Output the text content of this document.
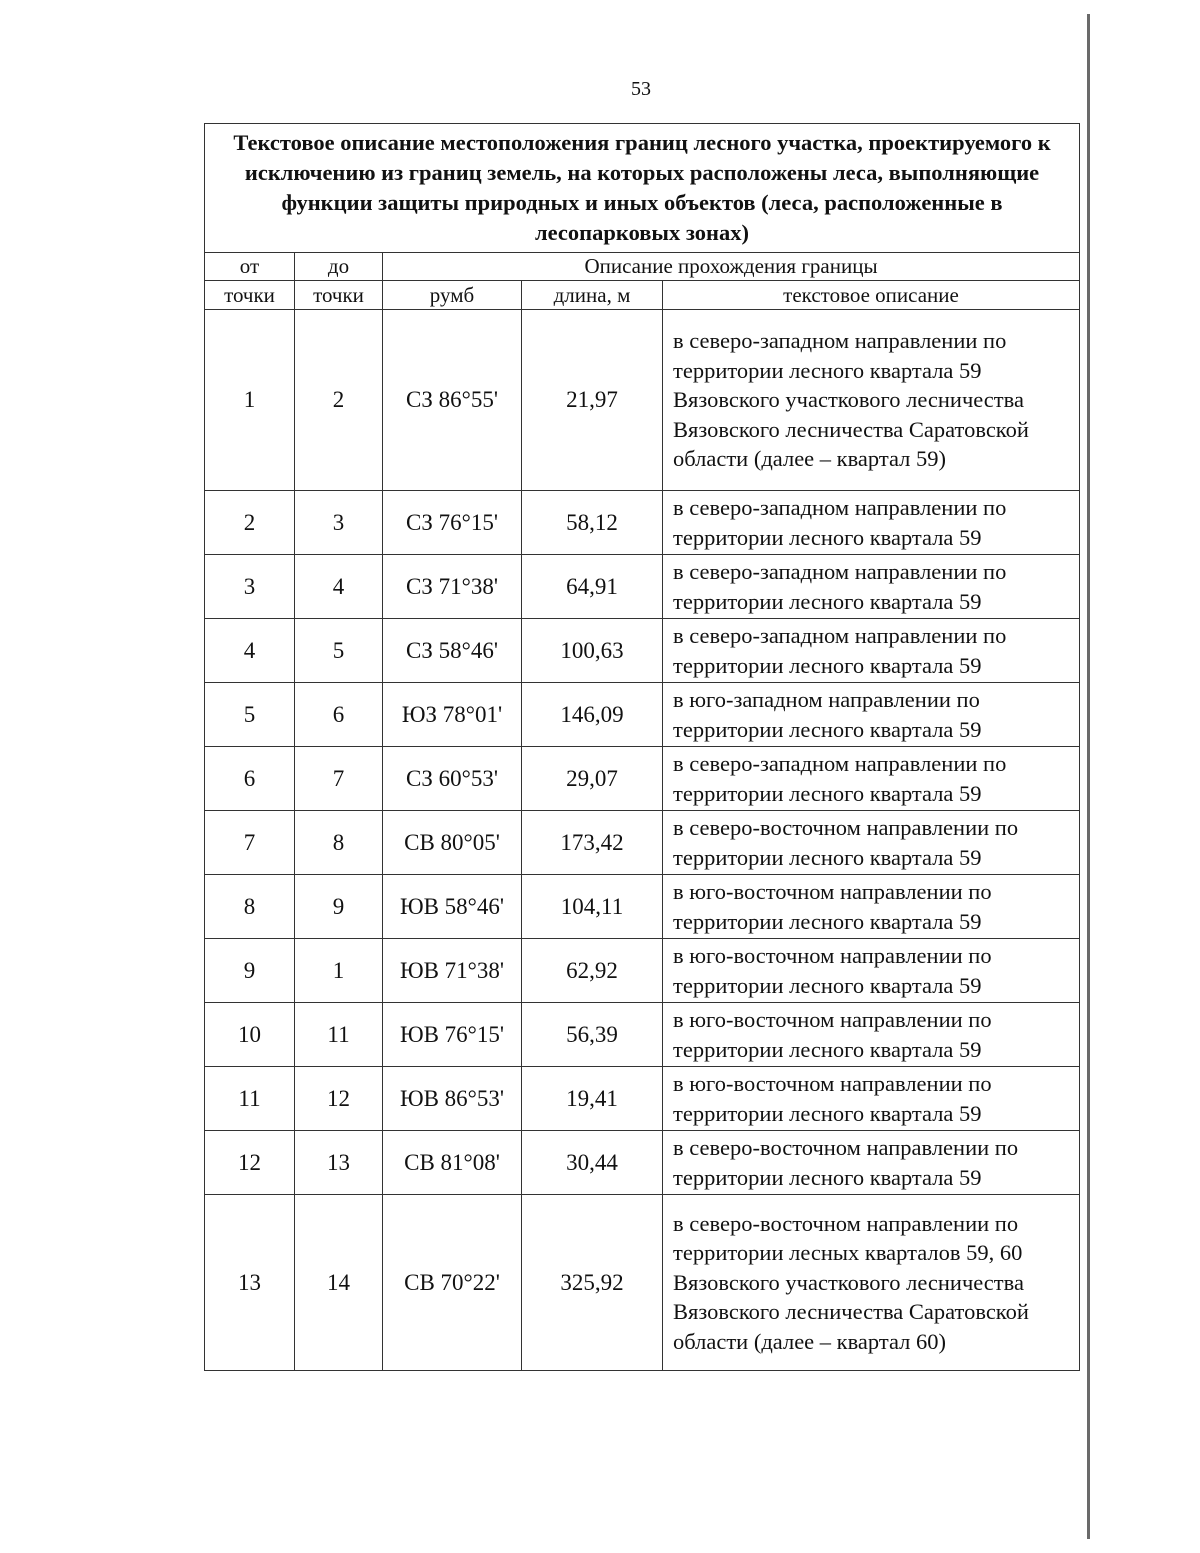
53
Текстовое описание местоположения границ лесного участка, проектируемого к исключению из границ земель, на которых расположены леса, выполняющие функции защиты природных и иных объектов (леса, расположенные в лесопарковых зонах)				
от	до	Описание прохождения границы		
точки	точки	румб	длина, м	текстовое описание
1	2	СЗ 86°55'	21,97	в северо-западном направлении по территории лесного квартала 59 Вязовского участкового лесничества Вязовского лесничества Саратовской области (далее – квартал 59)
2	3	СЗ 76°15'	58,12	в северо-западном направлении по территории лесного квартала 59
3	4	СЗ 71°38'	64,91	в северо-западном направлении по территории лесного квартала 59
4	5	СЗ 58°46'	100,63	в северо-западном направлении по территории лесного квартала 59
5	6	ЮЗ 78°01'	146,09	в юго-западном направлении по территории лесного квартала 59
6	7	СЗ 60°53'	29,07	в северо-западном направлении по территории лесного квартала 59
7	8	СВ 80°05'	173,42	в северо-восточном направлении по территории лесного квартала 59
8	9	ЮВ 58°46'	104,11	в юго-восточном направлении по территории лесного квартала 59
9	1	ЮВ 71°38'	62,92	в юго-восточном направлении по территории лесного квартала 59
10	11	ЮВ 76°15'	56,39	в юго-восточном направлении по территории лесного квартала 59
11	12	ЮВ 86°53'	19,41	в юго-восточном направлении по территории лесного квартала 59
12	13	СВ 81°08'	30,44	в северо-восточном направлении по территории лесного квартала 59
13	14	СВ 70°22'	325,92	в северо-восточном направлении по территории лесных кварталов 59, 60 Вязовского участкового лесничества Вязовского лесничества Саратовской области (далее – квартал 60)
